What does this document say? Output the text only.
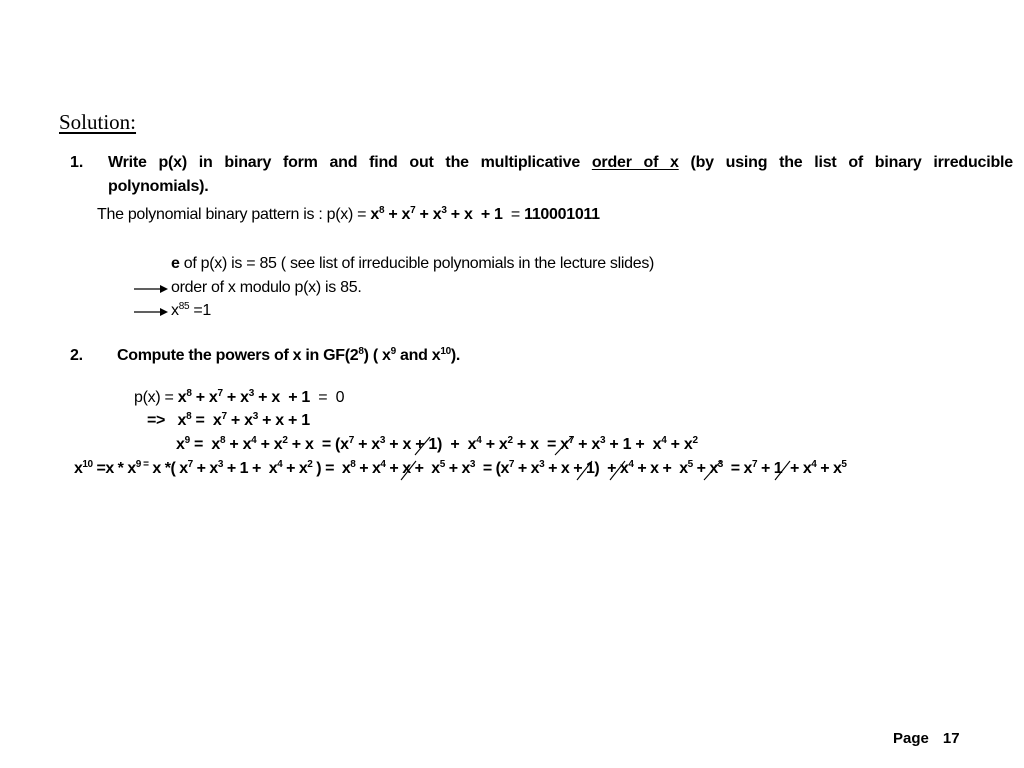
Solution:
1. Write p(x) in binary form and find out the multiplicative order of x (by using the list of binary irreducible
polynomials).
The polynomial binary pattern is : $p(x) = x^8 + x^7 + x^3 + x + 1 = 110001011$
e of p(x) is = 85 ( see list of irreducible polynomials in the lecture slides)
order of x modulo p(x) is 85.
$x^{85} =1$
2. Compute the powers of x in $GF(2^8)$ ( $x^9$ and $x^{10}$).
$p(x) = x^8 + x^7 + x^3 + x + 1 = 0$
=>   $x^8 = x^7 + x^3 + x + 1$
$x^9 = x^8 + x^4 + x^2 + x = (x^7 + x^3 + x + 1) + x^4 + x^2 + x = x^7 + x^3 + 1 + x^4 + x^2$
$x^{10} =x * x^{9 =}$ x *( $x^7 + x^3 + 1 + x^4 + x^2$ ) =  $x^8 + x^4 + x + x^5 + x^3 = (x^7 + x^3 + x + 1) + x^4 + x + x^5 + x^3 = x^7 + 1 + x^4 + x^5$
Page 17
